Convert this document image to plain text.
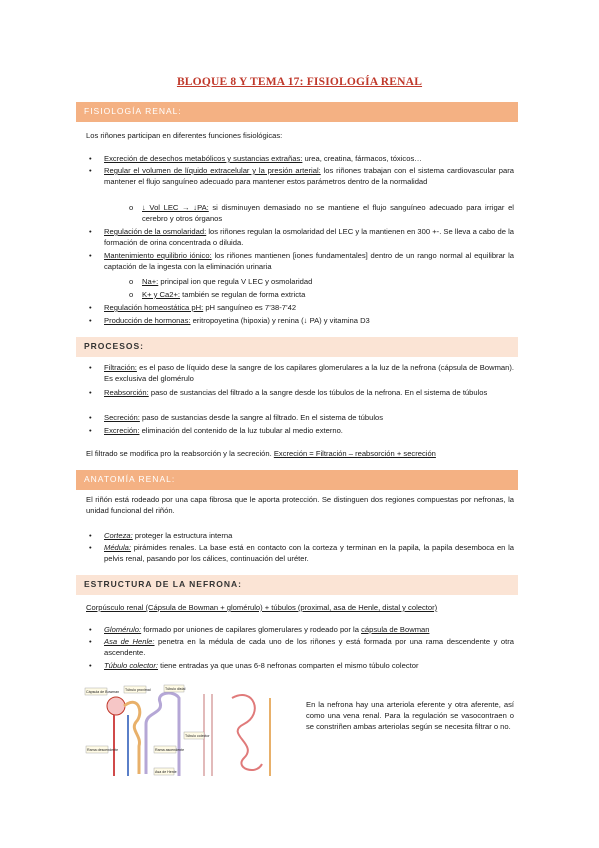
BLOQUE 8 Y TEMA 17: FISIOLOGÍA RENAL
FISIOLOGÍA RENAL:
Los riñones participan en diferentes funciones fisiológicas:
• Excreción de desechos metabólicos y sustancias extrañas: urea, creatina, fármacos, tóxicos…
• Regular el volumen de líquido extracelular y la presión arterial: los riñones trabajan con el sistema cardiovascular para mantener el flujo sanguíneo adecuado para mantener estos parámetros dentro de la normalidad
o ↓ Vol LEC → ↓PA: si disminuyen demasiado no se mantiene el flujo sanguíneo adecuado para irrigar el cerebro y otros órganos
• Regulación de la osmolaridad: los riñones regulan la osmolaridad del LEC y la mantienen en 300 +-. Se lleva a cabo de la formación de orina concentrada o diluida.
• Mantenimiento equilibrio iónico: los riñones mantienen [iones fundamentales] dentro de un rango normal al equilibrar la captación de la ingesta con la eliminación urinaria
o Na+: principal ion que regula V LEC y osmolaridad
o K+ y Ca2+: también se regulan de forma extricta
• Regulación homeostática pH: pH sanguíneo es 7’38-7’42
• Producción de hormonas: eritropoyetina (hipoxia) y renina (↓ PA) y vitamina D3
PROCESOS:
• Filtración: es el paso de líquido dese la sangre de los capilares glomerulares a la luz de la nefrona (cápsula de Bowman). Es exclusiva del glomérulo
• Reabsorción: paso de sustancias del filtrado a la sangre desde los túbulos de la nefrona. En el sistema de túbulos
• Secreción: paso de sustancias desde la sangre al filtrado. En el sistema de túbulos
• Excreción: eliminación del contenido de la luz tubular al medio externo.
El filtrado se modifica pro la reabsorción y la secreción. Excreción = Filtración – reabsorción + secreción
ANATOMÍA RENAL:
El riñón está rodeado por una capa fibrosa que le aporta protección. Se distinguen dos regiones compuestas por nefronas, la unidad funcional del riñón.
• Corteza: proteger la estructura interna
• Médula: pirámides renales. La base está en contacto con la corteza y terminan en la papila, la papila desemboca en la pelvis renal, pasando por los cálices, continuación del uréter.
ESTRUCTURA DE LA NEFRONA:
Corpúsculo renal (Cápsula de Bowman + glomérulo) + túbulos (proximal, asa de Henle, distal y colector)
• Glomérulo: formado por uniones de capilares glomerulares y rodeado por la cápsula de Bowman
• Asa de Henle: penetra en la médula de cada uno de los riñones y está formada por una rama descendente y otra ascendente.
• Túbulo colector: tiene entradas ya que unas 6-8 nefronas comparten el mismo túbulo colector
Cápsula de Bowman Túbulo proximal	Túbulo distal
Túbulo colector
Rama descendente
Asa de Henle
Rama ascendente
En la nefrona hay una arteriola eferente y otra aferente, así como una vena renal. Para la regulación se vasocontraen o se constriñen ambas arteriolas según se necesita filtrar o no.
